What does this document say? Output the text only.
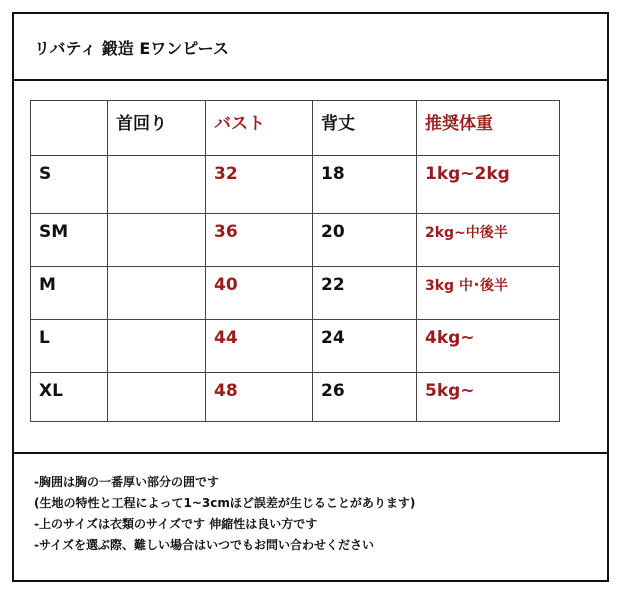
リバティ 鍛造 Eワンピース

	首回り	バスト	背丈	推奨体重

S		32	18	1kg~2kg

SM		36	20	2kg~中後半

M		40	22	3kg 中･後半

L		44	24	4kg~

XL		48	26	5kg~
-胸囲は胸の一番厚い部分の囲です
(生地の特性と工程によって1~3cmほど誤差が生じることがあります)
-上のサイズは衣類のサイズです 伸縮性は良い方です
-サイズを選ぶ際、難しい場合はいつでもお問い合わせください
